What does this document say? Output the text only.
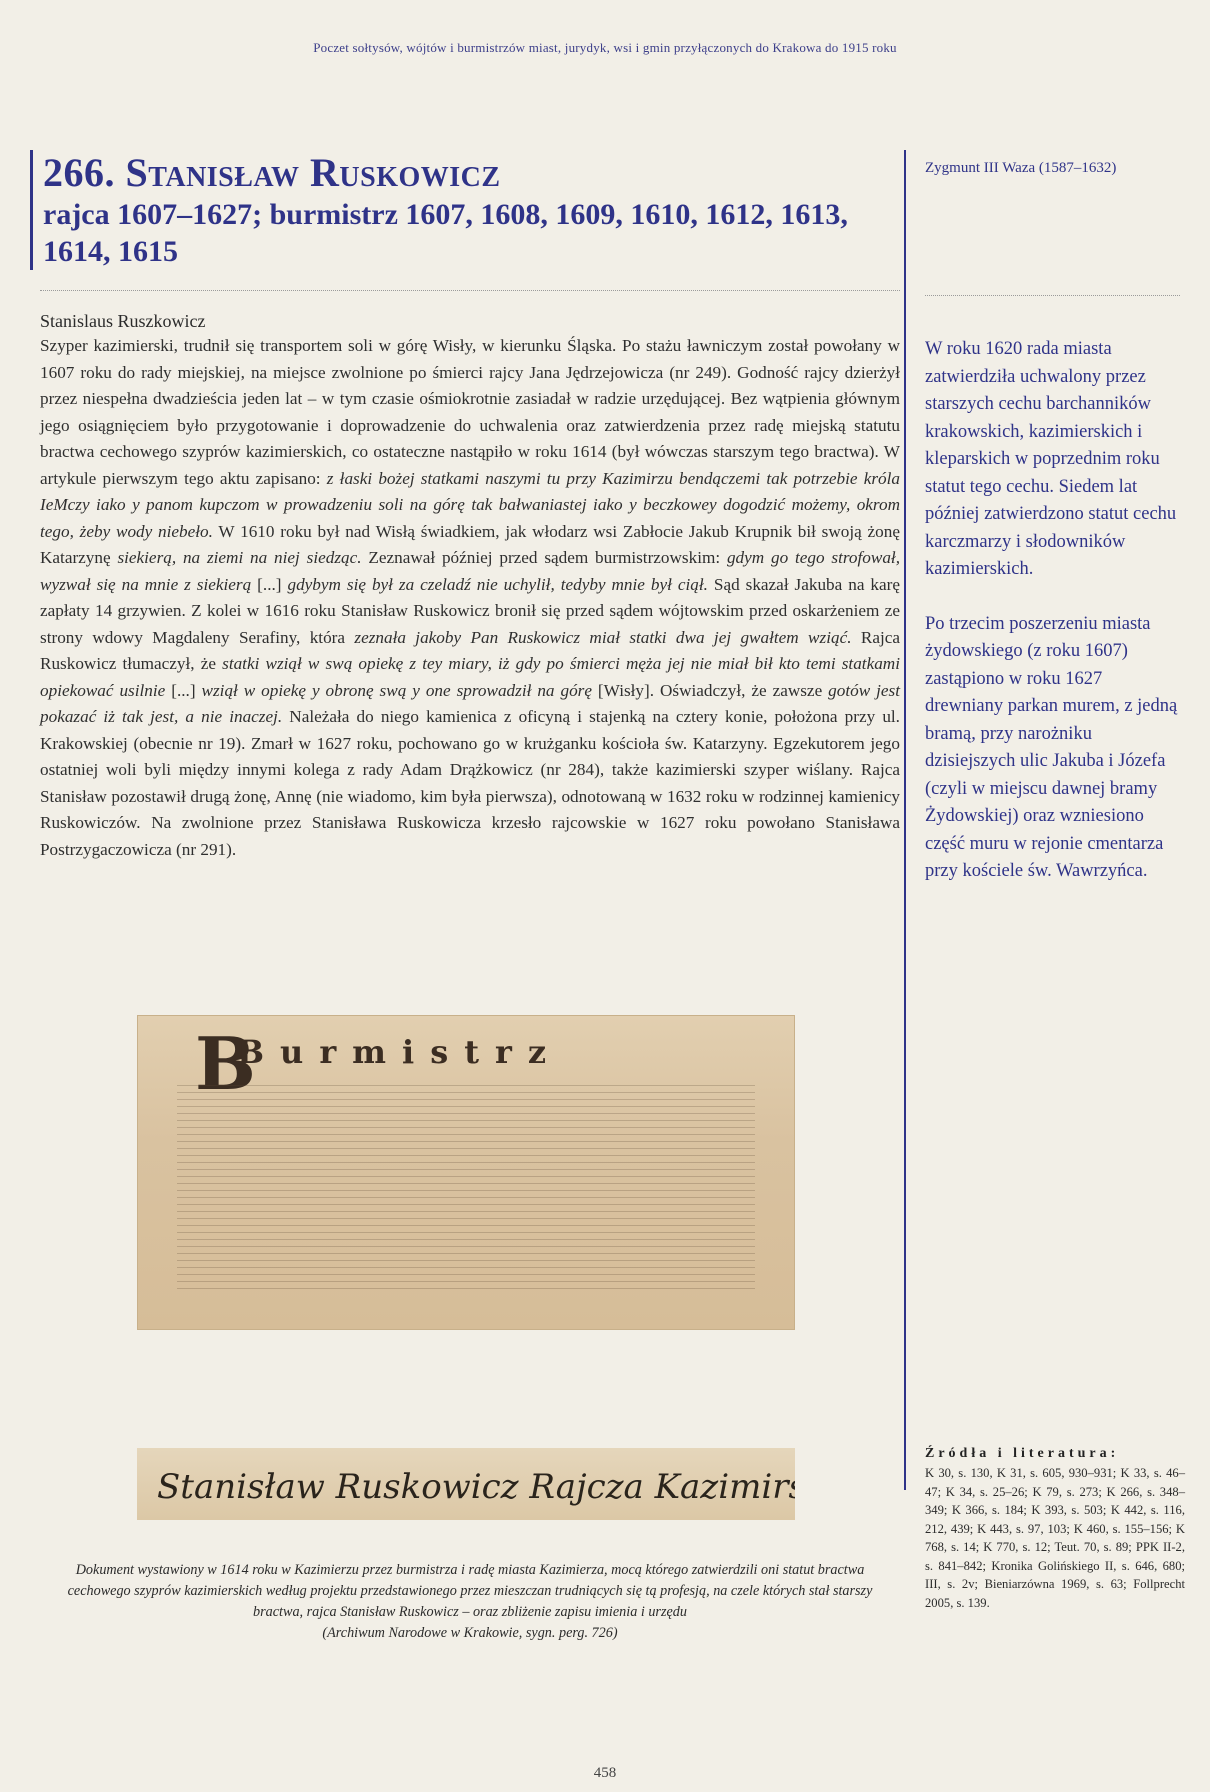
Poczet sołtysów, wójtów i burmistrzów miast, jurydyk, wsi i gmin przyłączonych do Krakowa do 1915 roku
266. Stanisław Ruskowicz
rajca 1607–1627; burmistrz 1607, 1608, 1609, 1610, 1612, 1613, 1614, 1615

Stanislaus Ruszkowicz

Szyper kazimierski, trudnił się transportem soli w górę Wisły, w kierunku Śląska. Po stażu ławniczym został powołany w 1607 roku do rady miejskiej, na miejsce zwolnione po śmierci rajcy Jana Jędrzejowicza (nr 249). Godność rajcy dzierżył przez niespełna dwadzieścia jeden lat – w tym czasie ośmiokrotnie zasiadał w radzie urzędującej. Bez wątpienia głównym jego osiągnięciem było przygotowanie i doprowadzenie do uchwalenia oraz zatwierdzenia przez radę miejską statutu bractwa cechowego szyprów kazimierskich, co ostateczne nastąpiło w roku 1614 (był wówczas starszym tego bractwa). W artykule pierwszym tego aktu zapisano: z łaski bożej statkami naszymi tu przy Kazimirzu bendączemi tak potrzebie króla IeMczy iako y panom kupczom w prowadzeniu soli na górę tak bałwaniastej iako y beczkowey dogodzić możemy, okrom tego, żeby wody niebeło. W 1610 roku był nad Wisłą świadkiem, jak włodarz wsi Zabłocie Jakub Krupnik bił swoją żonę Katarzynę siekierą, na ziemi na niej siedząc. Zeznawał później przed sądem burmistrzowskim: gdym go tego strofował, wyzwał się na mnie z siekierą [...] gdybym się był za czeladź nie uchylił, tedyby mnie był ciął. Sąd skazał Jakuba na karę zapłaty 14 grzywien. Z kolei w 1616 roku Stanisław Ruskowicz bronił się przed sądem wójtowskim przed oskarżeniem ze strony wdowy Magdaleny Serafiny, która zeznała jakoby Pan Ruskowicz miał statki dwa jej gwałtem wziąć. Rajca Ruskowicz tłumaczył, że statki wziął w swą opiekę z tey miary, iż gdy po śmierci męża jej nie miał bił kto temi statkami opiekować usilnie [...] wziął w opiekę y obronę swą y one sprowadził na górę [Wisły]. Oświadczył, że zawsze gotów jest pokazać iż tak jest, a nie inaczej. Należała do niego kamienica z oficyną i stajenką na cztery konie, położona przy ul. Krakowskiej (obecnie nr 19). Zmarł w 1627 roku, pochowano go w krużganku kościoła św. Katarzyny. Egzekutorem jego ostatniej woli byli między innymi kolega z rady Adam Drążkowicz (nr 284), także kazimierski szyper wiślany. Rajca Stanisław pozostawił drugą żonę, Annę (nie wiadomo, kim była pierwsza), odnotowaną w 1632 roku w rodzinnej kamienicy Ruskowiczów. Na zwolnione przez Stanisława Ruskowicza krzesło rajcowskie w 1627 roku powołano Stanisława Postrzygaczowicza (nr 291).

Zygmunt III Waza (1587–1632)

W roku 1620 rada miasta zatwierdziła uchwalony przez starszych cechu barchanników krakowskich, kazimierskich i kleparskich w poprzednim roku statut tego cechu. Siedem lat później zatwierdzono statut cechu karczmarzy i słodowników kazimierskich.

Po trzecim poszerzeniu miasta żydowskiego (z roku 1607) zastąpiono w roku 1627 drewniany parkan murem, z jedną bramą, przy narożniku dzisiejszych ulic Jakuba i Józefa (czyli w miejscu dawnej bramy Żydowskiej) oraz wzniesiono część muru w rejonie cmentarza przy kościele św. Wawrzyńca.

B
Burmistrz
Stanisław Ruskowicz Rajcza Kazimirski

Dokument wystawiony w 1614 roku w Kazimierzu przez burmistrza i radę miasta Kazimierza, mocą którego zatwierdzili oni statut bractwa cechowego szyprów kazimierskich według projektu przedstawionego przez mieszczan trudniących się tą profesją, na czele których stał starszy bractwa, rajca Stanisław Ruskowicz – oraz zbliżenie zapisu imienia i urzędu
(Archiwum Narodowe w Krakowie, sygn. perg. 726)

Źródła i literatura:

K 30, s. 130, K 31, s. 605, 930–931; K 33, s. 46–47; K 34, s. 25–26; K 79, s. 273; K 266, s. 348–349; K 366, s. 184; K 393, s. 503; K 442, s. 116, 212, 439; K 443, s. 97, 103; K 460, s. 155–156; K 768, s. 14; K 770, s. 12; Teut. 70, s. 89; PPK II-2, s. 841–842; Kronika Golińskiego II, s. 646, 680; III, s. 2v; Bieniarzówna 1969, s. 63; Follprecht 2005, s. 139.

458
